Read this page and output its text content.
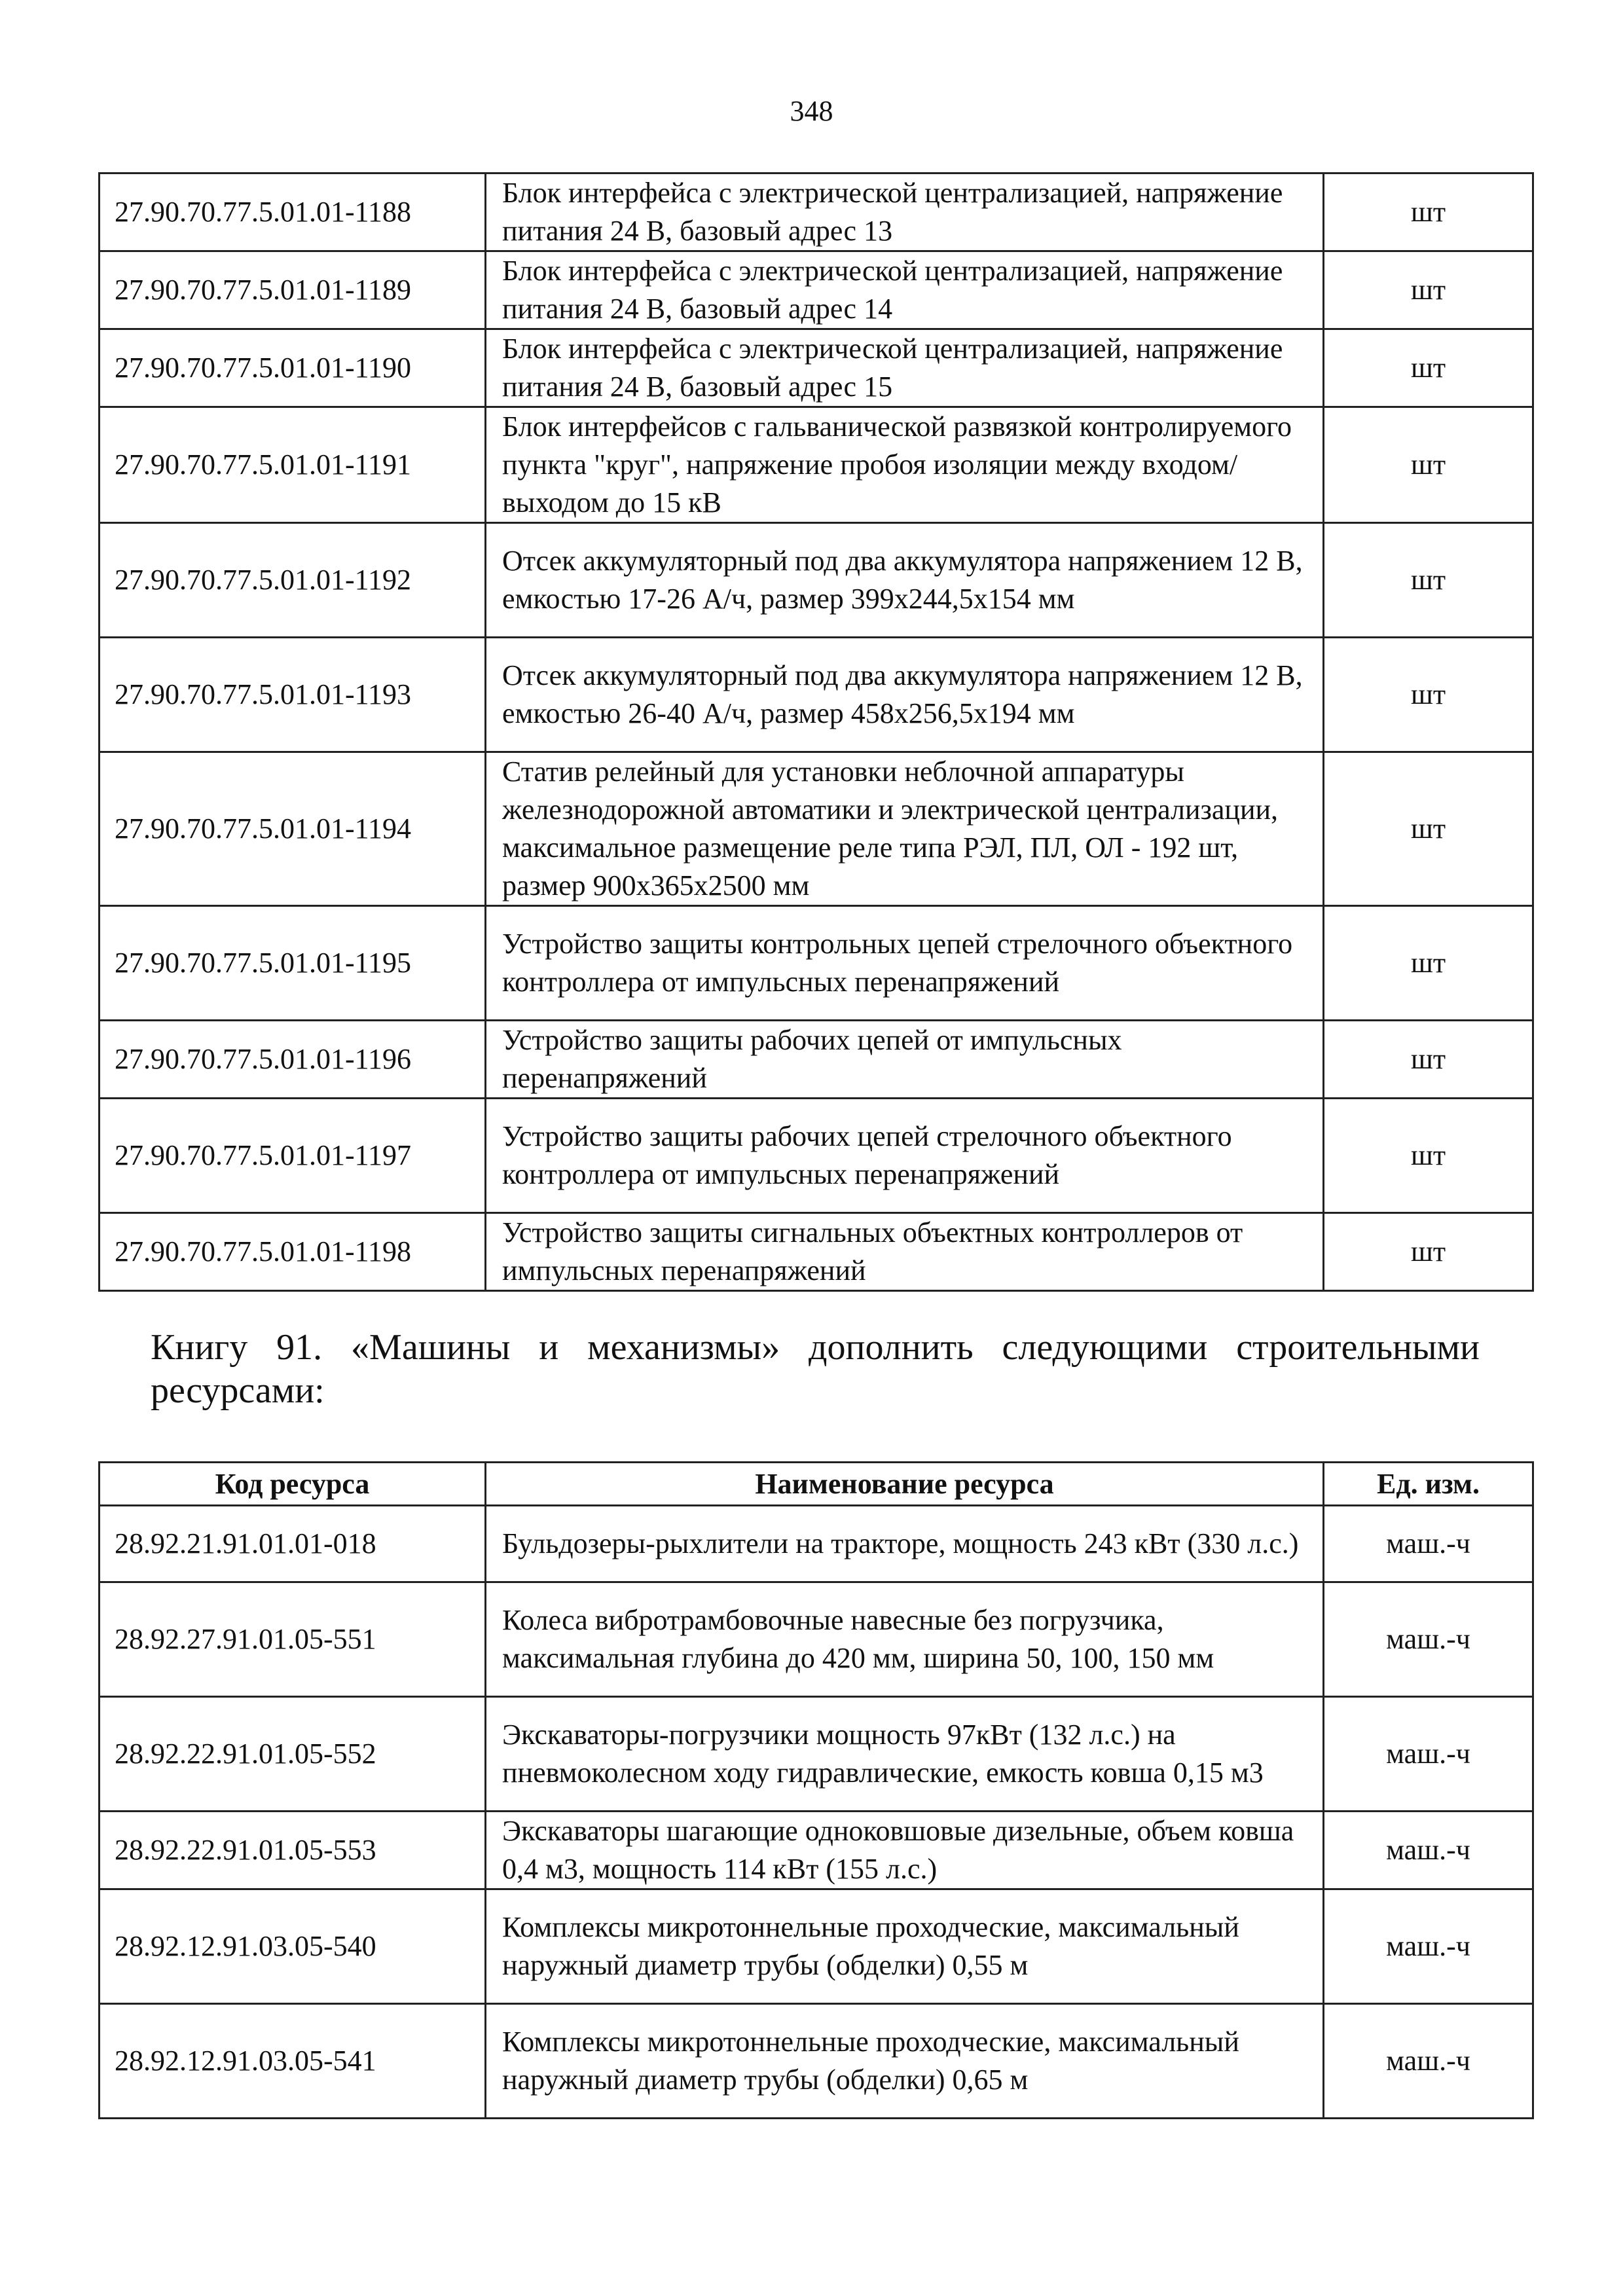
348
27.90.70.77.5.01.01-1188	Блок интерфейса с электрической централизацией, напряжение питания 24 В, базовый адрес 13	шт
27.90.70.77.5.01.01-1189	Блок интерфейса с электрической централизацией, напряжение питания 24 В, базовый адрес 14	шт
27.90.70.77.5.01.01-1190	Блок интерфейса с электрической централизацией, напряжение питания 24 В, базовый адрес 15	шт
27.90.70.77.5.01.01-1191	Блок интерфейсов с гальванической развязкой контролируемого пункта "круг", напряжение пробоя изоляции между входом/выходом до 15 кВ	шт
27.90.70.77.5.01.01-1192	Отсек аккумуляторный под два аккумулятора напряжением 12 В, емкостью 17-26 А/ч, размер 399х244,5х154 мм	шт
27.90.70.77.5.01.01-1193	Отсек аккумуляторный под два аккумулятора напряжением 12 В, емкостью 26-40 А/ч, размер 458х256,5х194 мм	шт
27.90.70.77.5.01.01-1194	Статив релейный для установки неблочной аппаратуры железнодорожной автоматики и электрической централизации, максимальное размещение реле типа РЭЛ, ПЛ, ОЛ - 192 шт, размер 900х365х2500 мм	шт
27.90.70.77.5.01.01-1195	Устройство защиты контрольных цепей стрелочного объектного контроллера от импульсных перенапряжений	шт
27.90.70.77.5.01.01-1196	Устройство защиты рабочих цепей от импульсных перенапряжений	шт
27.90.70.77.5.01.01-1197	Устройство защиты рабочих цепей стрелочного объектного контроллера от импульсных перенапряжений	шт
27.90.70.77.5.01.01-1198	Устройство защиты сигнальных объектных контроллеров от импульсных перенапряжений	шт
Книгу 91. «Машины и механизмы» дополнить следующими строительными ресурсами:
Код ресурса	Наименование ресурса	Ед. изм.
28.92.21.91.01.01-018	Бульдозеры-рыхлители на тракторе, мощность 243 кВт (330 л.с.)	маш.-ч
28.92.27.91.01.05-551	Колеса вибротрамбовочные навесные без погрузчика, максимальная глубина до 420 мм, ширина 50, 100, 150 мм	маш.-ч
28.92.22.91.01.05-552	Экскаваторы-погрузчики мощность 97кВт (132 л.с.) на пневмоколесном ходу гидравлические, емкость ковша 0,15 м3	маш.-ч
28.92.22.91.01.05-553	Экскаваторы шагающие одноковшовые дизельные, объем ковша 0,4 м3, мощность 114 кВт (155 л.с.)	маш.-ч
28.92.12.91.03.05-540	Комплексы микротоннельные проходческие, максимальный наружный диаметр трубы (обделки) 0,55 м	маш.-ч
28.92.12.91.03.05-541	Комплексы микротоннельные проходческие, максимальный наружный диаметр трубы (обделки) 0,65 м	маш.-ч
